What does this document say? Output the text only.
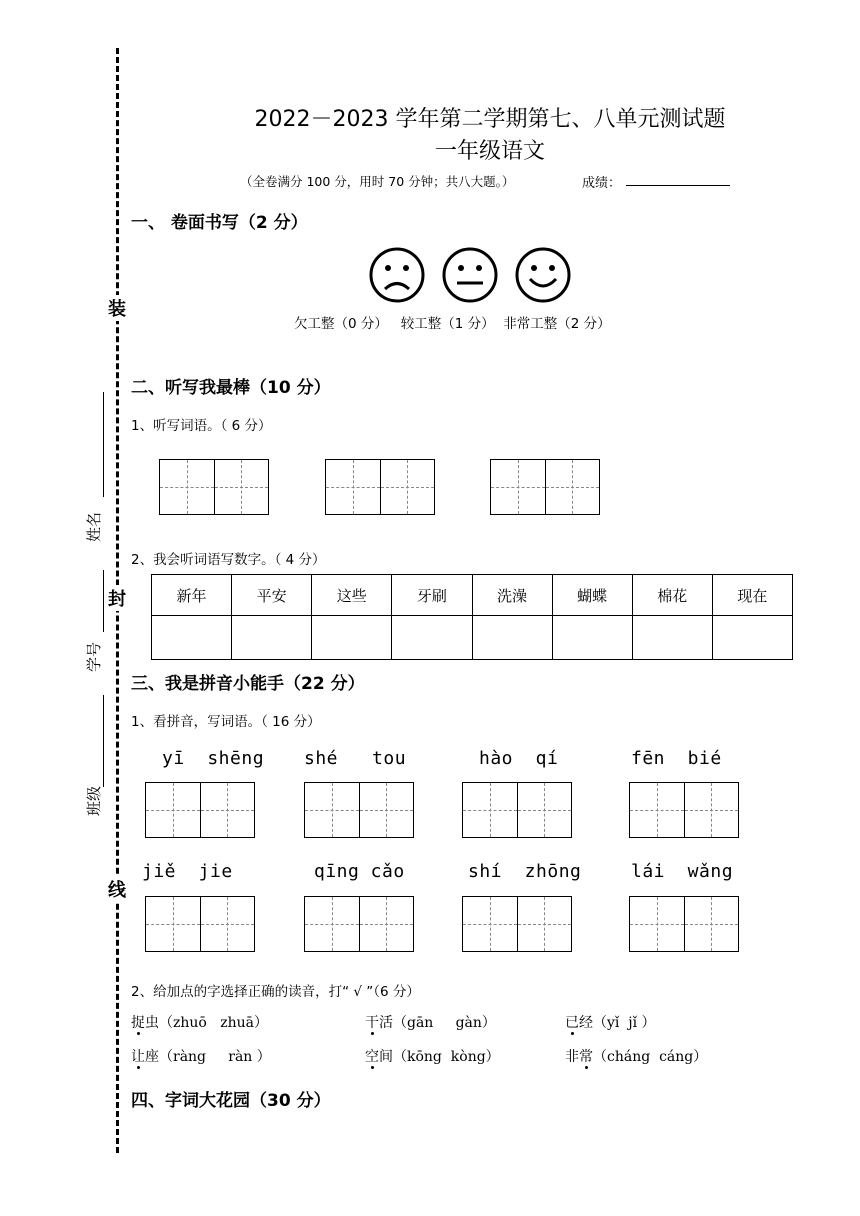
装
封
线
姓名
学号
班级
2022－2023 学年第二学期第七、八单元测试题
一年级语文
（全卷满分 100 分，用时 70 分钟；共八大题。）	成绩：
一、 卷面书写（2 分）
欠工整（0 分）   较工整（1 分）  非常工整（2 分）
二、听写我最棒（10 分）
1、听写词语。（ 6 分）
2、我会听词语写数字。（ 4 分）
新年	平安	这些	牙刷	洗澡	蝴蝶	棉花	现在

三、我是拼音小能手（22 分）
1、看拼音，写词语。（ 16 分）
yī  shēng shé   tou	hào  qí	fēn  bié
jiě  jie	qīng cǎo	shí  zhōng	lái  wǎng
2、给加点的字选择正确的读音，打“ √ ”（6 分）
捉虫（zhuō   zhuā）	干活（gān     gàn）	已经（yǐ  jǐ ）
让座（ràng     ràn ）	空间（kōng  kòng）	非常（cháng  cáng）
四、字词大花园（30 分）
